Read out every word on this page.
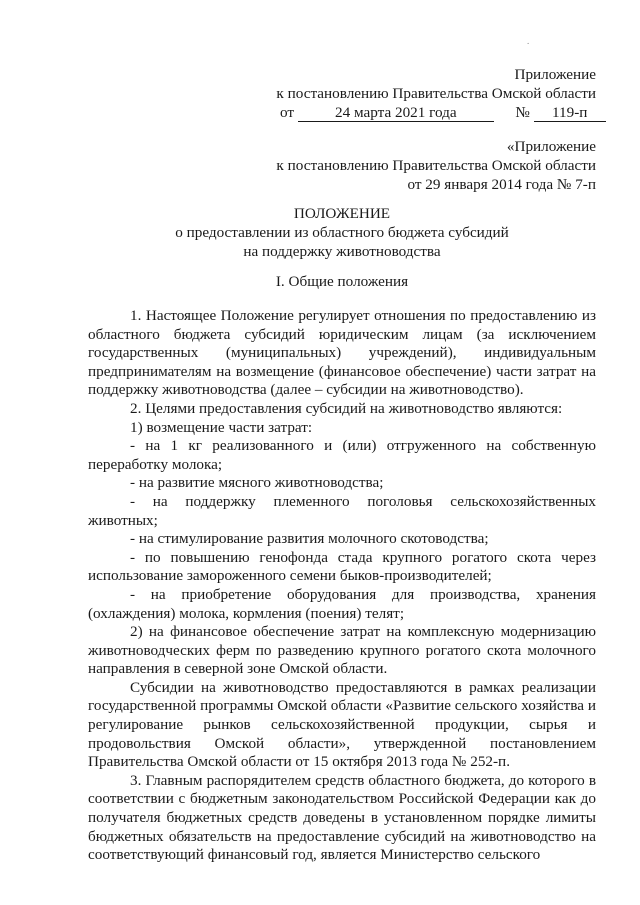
.
Приложение
к постановлению Правительства Омской области
от	24 марта 2021 года	№ 119-п
«Приложение
к постановлению Правительства Омской области
от 29 января 2014 года № 7-п
ПОЛОЖЕНИЕ
о предоставлении из областного бюджета субсидий
на поддержку животноводства
I. Общие положения

1. Настоящее Положение регулирует отношения по предоставлению из областного бюджета субсидий юридическим лицам (за исключением государственных (муниципальных) учреждений), индивидуальным предпринимателям на возмещение (финансовое обеспечение) части затрат на поддержку животноводства (далее – субсидии на животноводство).

2. Целями предоставления субсидий на животноводство являются:

1) возмещение части затрат:

- на 1 кг реализованного и (или) отгруженного на собственную переработку молока;

- на развитие мясного животноводства;

- на поддержку племенного поголовья сельскохозяйственных животных;

- на стимулирование развития молочного скотоводства;

- по повышению генофонда стада крупного рогатого скота через использование замороженного семени быков-производителей;

- на приобретение оборудования для производства, хранения (охлаждения) молока, кормления (поения) телят;

2) на финансовое обеспечение затрат на комплексную модернизацию животноводческих ферм по разведению крупного рогатого скота молочного направления в северной зоне Омской области.

Субсидии на животноводство предоставляются в рамках реализации государственной программы Омской области «Развитие сельского хозяйства и регулирование рынков сельскохозяйственной продукции, сырья и продовольствия Омской области», утвержденной постановлением Правительства Омской области от 15 октября 2013 года № 252-п.

3. Главным распорядителем средств областного бюджета, до которого в соответствии с бюджетным законодательством Российской Федерации как до получателя бюджетных средств доведены в установленном порядке лимиты бюджетных обязательств на предоставление субсидий на животноводство на соответствующий финансовый год, является Министерство сельского
